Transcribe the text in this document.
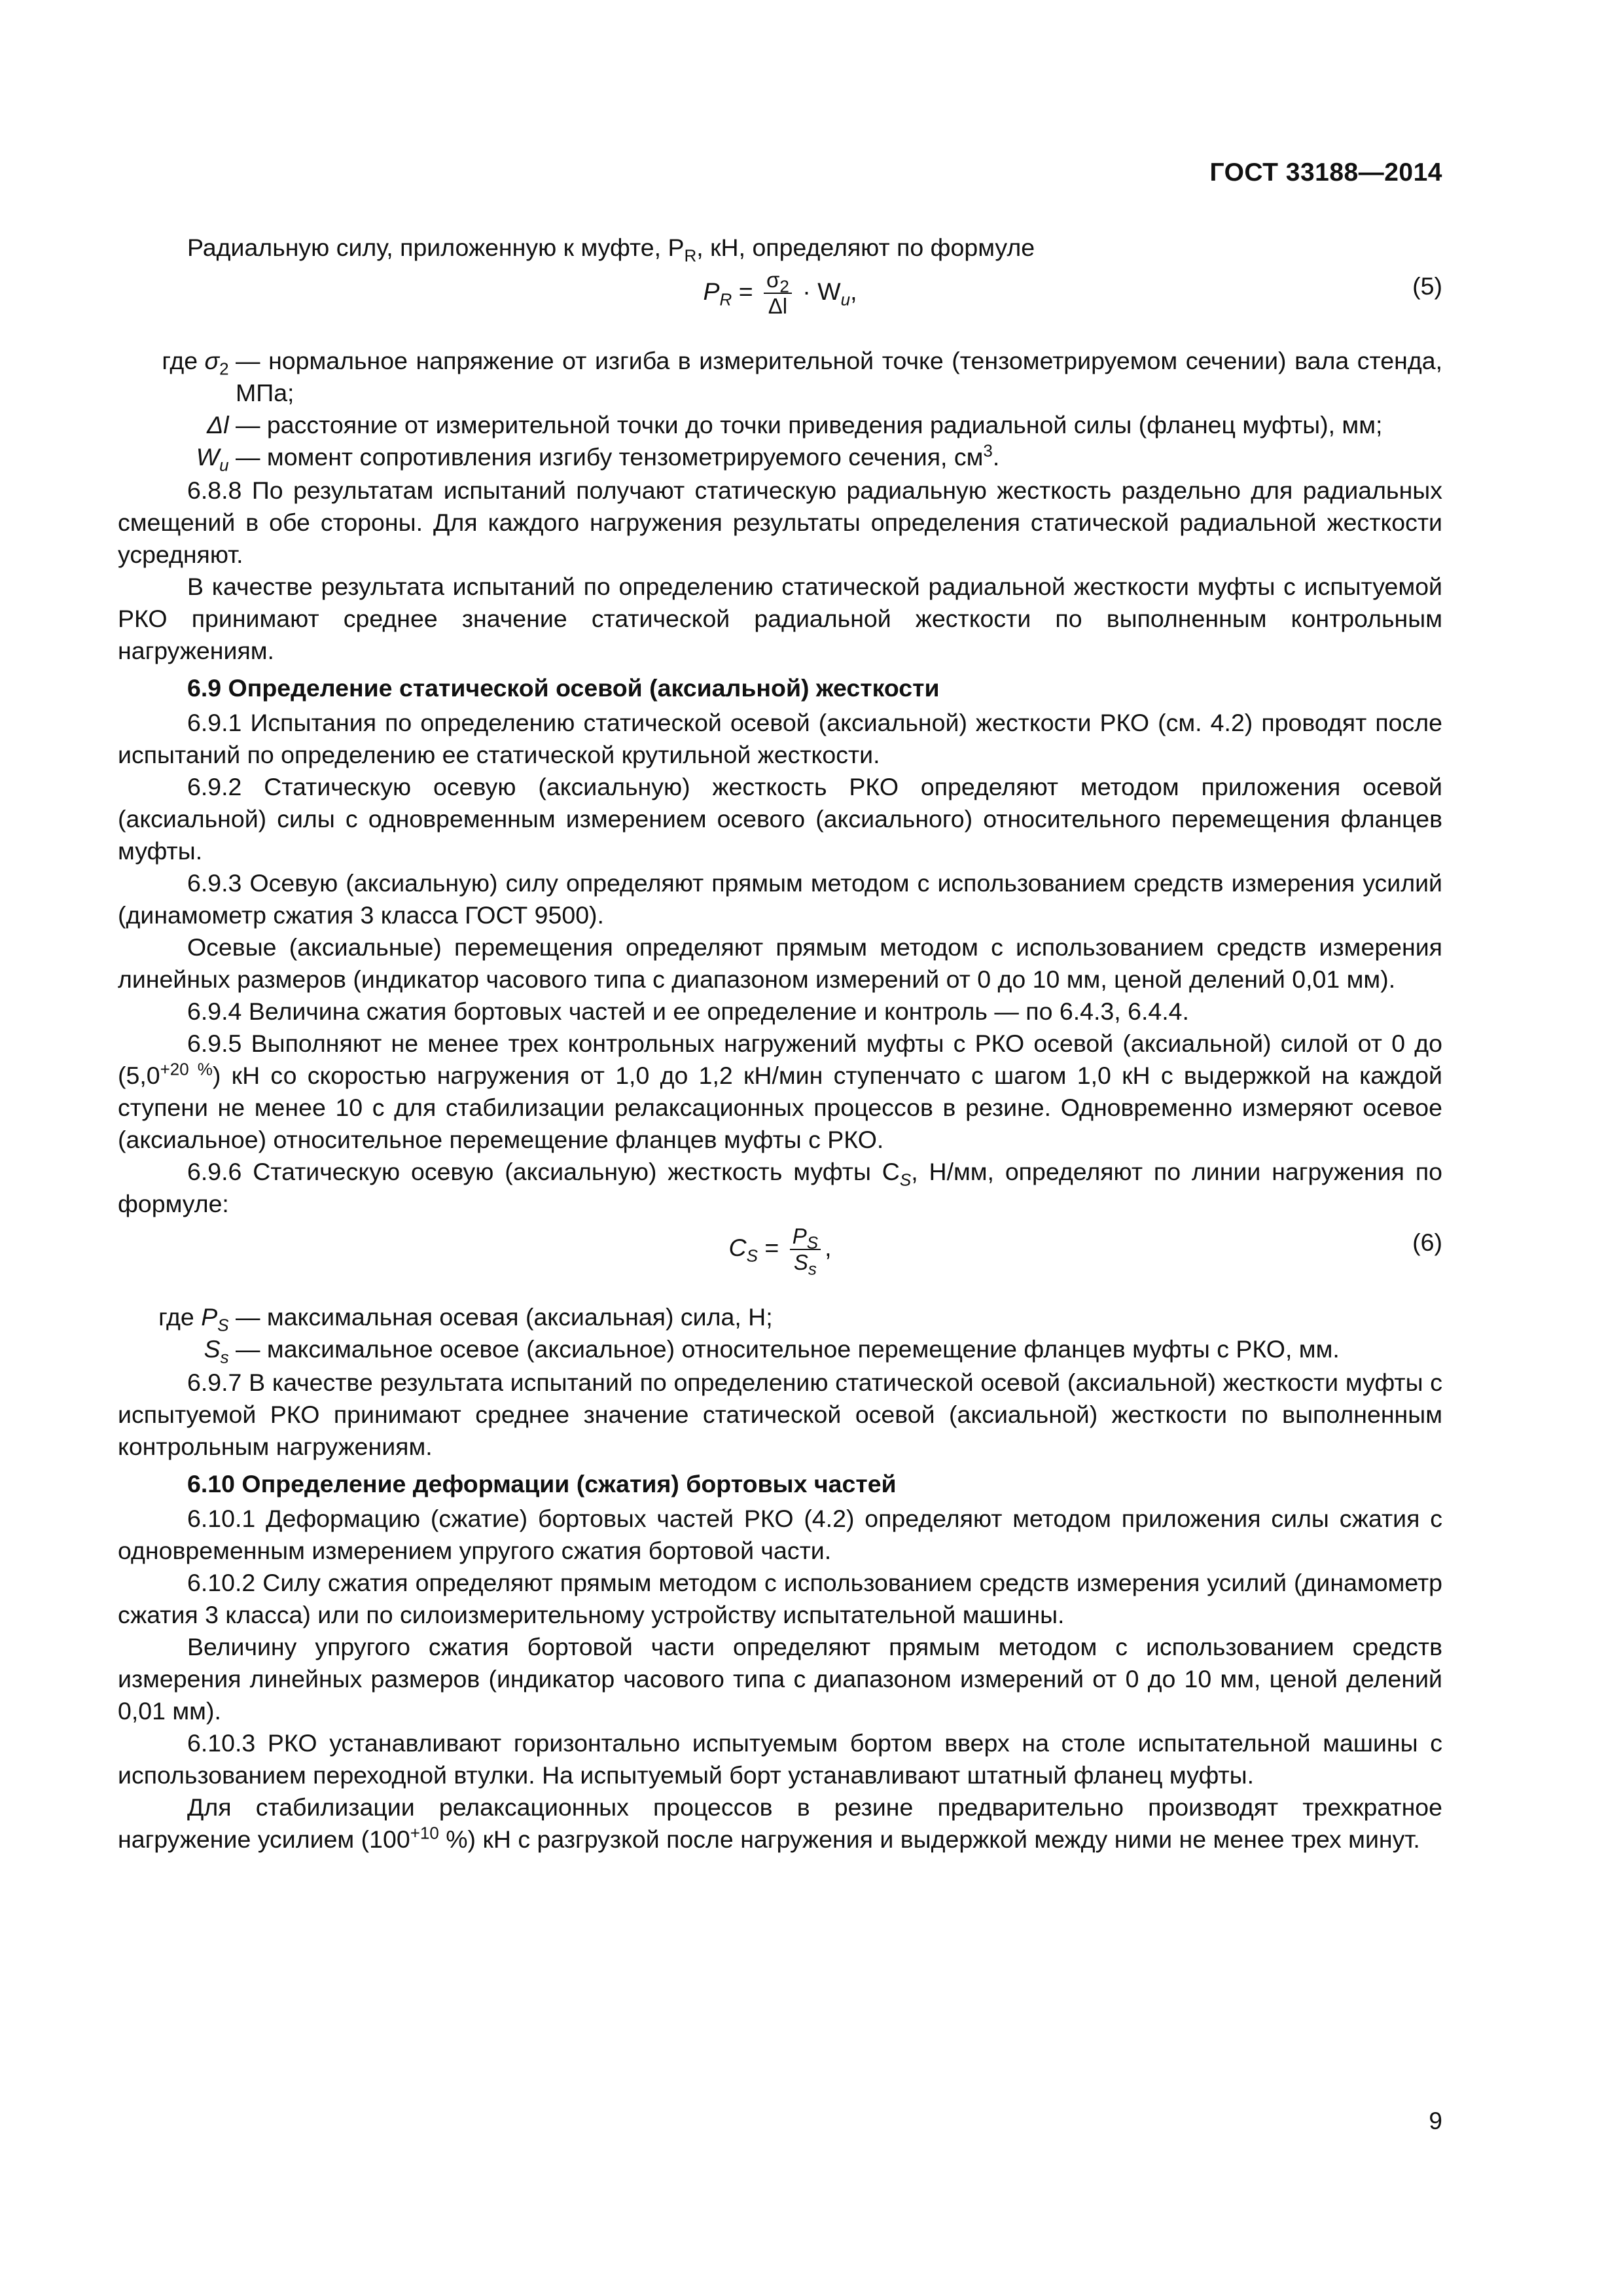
ГОСТ 33188—2014

Радиальную силу, приложенную к муфте, $P_R$, кН, определяют по формуле

$P_R = \frac{\sigma_2}{\Delta l} \cdot W_u$,	(5)
где $\sigma_2$ — нормальное напряжение от изгиба в измерительной точке (тензометрируемом сечении) вала стенда, МПа;
Δl — расстояние от измерительной точки до точки приведения радиальной силы (фланец муфты), мм;
$W_u$ — момент сопротивления изгибу тензометрируемого сечения, $см^3$.

6.8.8 По результатам испытаний получают статическую радиальную жесткость раздельно для радиальных смещений в обе стороны. Для каждого нагружения результаты определения статической радиальной жесткости усредняют.

В качестве результата испытаний по определению статической радиальной жесткости муфты с испытуемой РКО принимают среднее значение статической радиальной жесткости по выполненным контрольным нагружениям.

6.9 Определение статической осевой (аксиальной) жесткости

6.9.1 Испытания по определению статической осевой (аксиальной) жесткости РКО (см. 4.2) проводят после испытаний по определению ее статической крутильной жесткости.

6.9.2 Статическую осевую (аксиальную) жесткость РКО определяют методом приложения осевой (аксиальной) силы с одновременным измерением осевого (аксиального) относительного перемещения фланцев муфты.

6.9.3 Осевую (аксиальную) силу определяют прямым методом с использованием средств измерения усилий (динамометр сжатия 3 класса ГОСТ 9500).

Осевые (аксиальные) перемещения определяют прямым методом с использованием средств измерения линейных размеров (индикатор часового типа с диапазоном измерений от 0 до 10 мм, ценой делений 0,01 мм).

6.9.4 Величина сжатия бортовых частей и ее определение и контроль — по 6.4.3, 6.4.4.

6.9.5 Выполняют не менее трех контрольных нагружений муфты с РКО осевой (аксиальной) силой от 0 до $(5,0^{+20 \%})$ кН со скоростью нагружения от 1,0 до 1,2 кН/мин ступенчато с шагом 1,0 кН с выдержкой на каждой ступени не менее 10 с для стабилизации релаксационных процессов в резине. Одновременно измеряют осевое (аксиальное) относительное перемещение фланцев муфты с РКО.

6.9.6 Статическую осевую (аксиальную) жесткость муфты $C_S$, Н/мм, определяют по линии нагружения по формуле:

$C_S = \frac{P_S}{S_s}$ ,	(6)
где $P_S$ — максимальная осевая (аксиальная) сила, Н;
$S_s$ — максимальное осевое (аксиальное) относительное перемещение фланцев муфты с РКО, мм.

6.9.7 В качестве результата испытаний по определению статической осевой (аксиальной) жесткости муфты с испытуемой РКО принимают среднее значение статической осевой (аксиальной) жесткости по выполненным контрольным нагружениям.

6.10 Определение деформации (сжатия) бортовых частей

6.10.1 Деформацию (сжатие) бортовых частей РКО (4.2) определяют методом приложения силы сжатия с одновременным измерением упругого сжатия бортовой части.

6.10.2 Силу сжатия определяют прямым методом с использованием средств измерения усилий (динамометр сжатия 3 класса) или по силоизмерительному устройству испытательной машины.

Величину упругого сжатия бортовой части определяют прямым методом с использованием средств измерения линейных размеров (индикатор часового типа с диапазоном измерений от 0 до 10 мм, ценой делений 0,01 мм).

6.10.3 РКО устанавливают горизонтально испытуемым бортом вверх на столе испытательной машины с использованием переходной втулки. На испытуемый борт устанавливают штатный фланец муфты.

Для стабилизации релаксационных процессов в резине предварительно производят трехкратное нагружение усилием ($100^{+10}$ %) кН с разгрузкой после нагружения и выдержкой между ними не менее трех минут.

9
